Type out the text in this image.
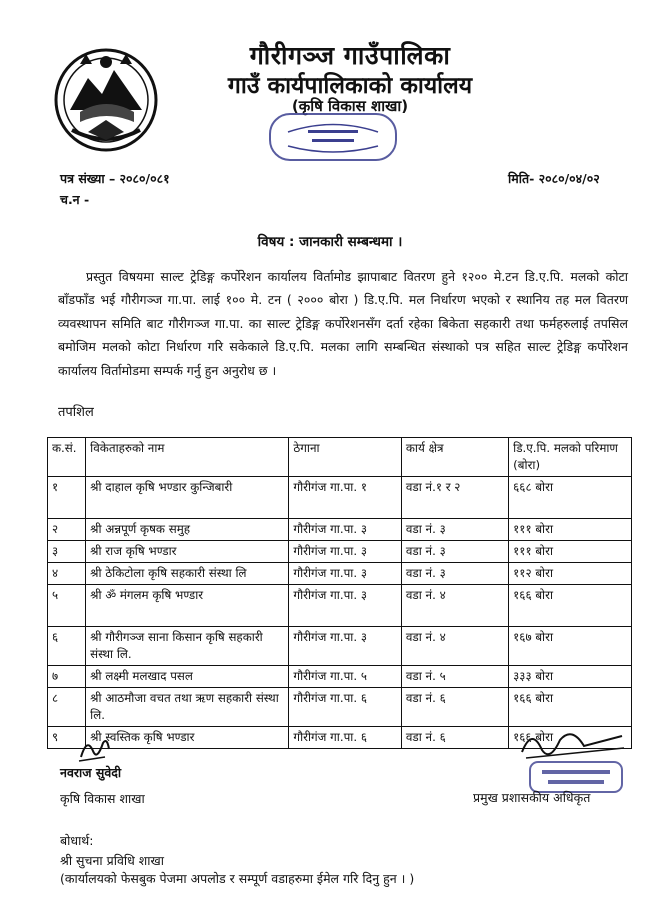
गौरीगञ्ज गाउँपालिका
गाउँ कार्यपालिकाको कार्यालय
(कृषि विकास शाखा)
पत्र संख्या – २०८०/०८१	मिति- २०८०/०४/०२
च.न -
विषय : जानकारी सम्बन्धमा ।
प्रस्तुत विषयमा साल्ट ट्रेडिङ्ग कर्पोरेशन कार्यालय विर्तामोड झापाबाट वितरण हुने १२०० मे.टन डि.ए.पि. मलको कोटा बाँडफाँड भई गौरीगञ्ज गा.पा. लाई १०० मे. टन ( २००० बोरा ) डि.ए.पि. मल निर्धारण भएको र स्थानिय तह मल वितरण व्यवस्थापन समिति बाट गौरीगञ्ज गा.पा. का साल्ट ट्रेडिङ्ग कर्पोरेशनसँग दर्ता रहेका बिकेता सहकारी तथा फर्महरुलाई तपसिल बमोजिम मलको कोटा निर्धारण गरि सकेकाले डि.ए.पि. मलका लागि सम्बन्धित संस्थाको पत्र सहित साल्ट ट्रेडिङ्ग कर्पोरेशन कार्यालय विर्तामोडमा सम्पर्क गर्नु हुन अनुरोध छ ।
तपशिल
क.सं.	विकेताहरुको नाम	ठेगाना	कार्य क्षेत्र	डि.ए.पि. मलको परिमाण (बोरा)
१	श्री दाहाल कृषि भण्डार कुन्जिबारी	गौरीगंज गा.पा. १	वडा नं.१ र २	६६८ बोरा
२	श्री अन्नपूर्ण कृषक समुह	गौरीगंज गा.पा. ३	वडा नं. ३	१११ बोरा
३	श्री राज कृषि भण्डार	गौरीगंज गा.पा. ३	वडा नं. ३	१११ बोरा
४	श्री ठेकिटोला कृषि सहकारी संस्था लि	गौरीगंज गा.पा. ३	वडा नं. ३	११२ बोरा
५	श्री ॐ मंगलम कृषि भण्डार	गौरीगंज गा.पा. ३	वडा नं. ४	१६६ बोरा
६	श्री गौरीगञ्ज साना किसान कृषि सहकारी संस्था लि.	गौरीगंज गा.पा. ३	वडा नं. ४	१६७ बोरा
७	श्री लक्ष्मी मलखाद पसल	गौरीगंज गा.पा. ५	वडा नं. ५	३३३ बोरा
८	श्री आठमौजा वचत तथा ऋण सहकारी संस्था लि.	गौरीगंज गा.पा. ६	वडा नं. ६	१६६ बोरा
९	श्री स्वस्तिक कृषि भण्डार	गौरीगंज गा.पा. ६	वडा नं. ६	१६६ बोरा
नवराज सुवेदी
कृषि विकास शाखा	प्रमुख प्रशासकीय अधिकृत
बोधार्थ:
श्री सुचना प्रविधि शाखा
(कार्यालयको फेसबुक पेजमा अपलोड र सम्पूर्ण वडाहरुमा ईमेल गरि दिनु हुन । )
